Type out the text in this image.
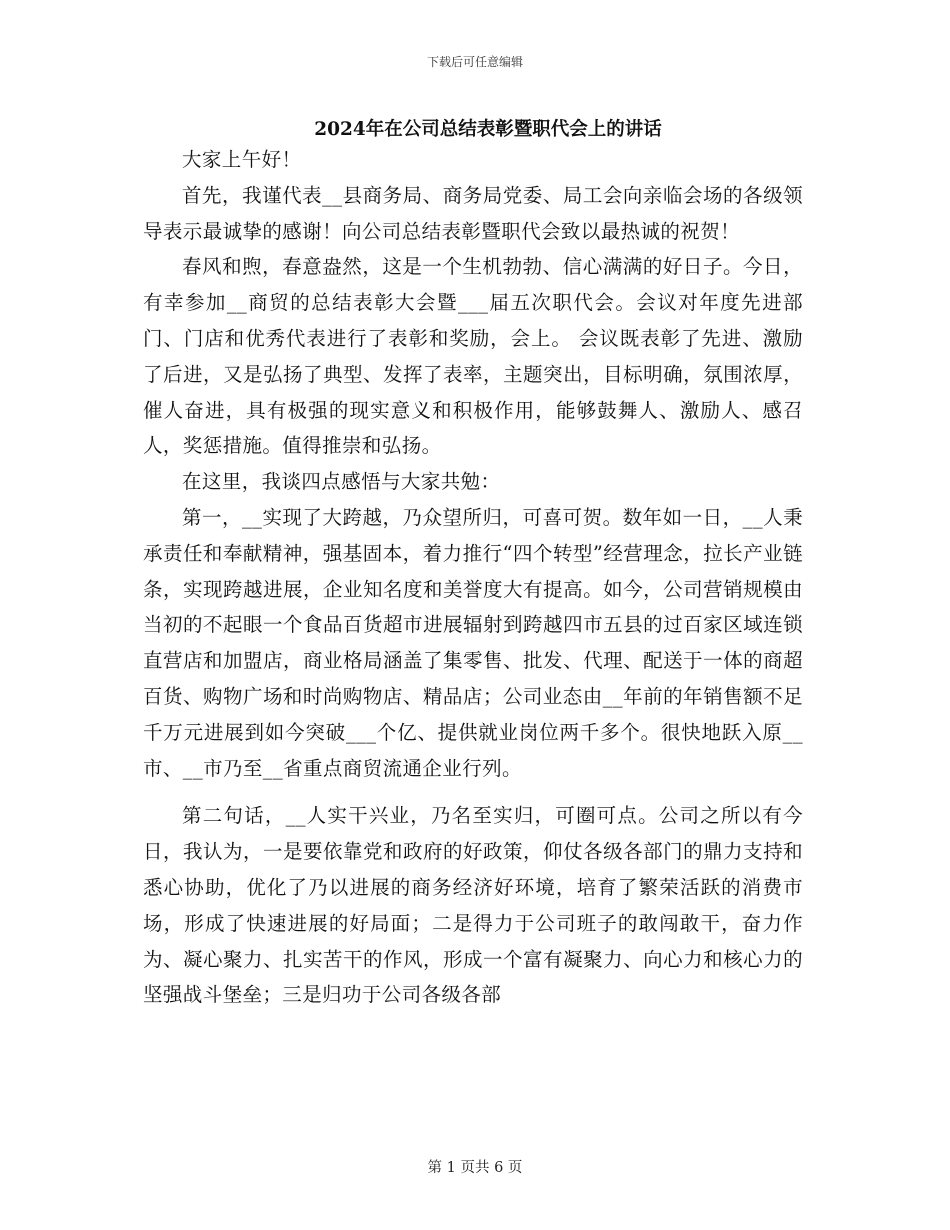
下载后可任意编辑
2024年在公司总结表彰暨职代会上的讲话

大家上午好！

首先，我谨代表__县商务局、商务局党委、局工会向亲临会场的各级领导表示最诚挚的感谢！向公司总结表彰暨职代会致以最热诚的祝贺！

春风和煦，春意盎然，这是一个生机勃勃、信心满满的好日子。今日，有幸参加__商贸的总结表彰大会暨___届五次职代会。会议对年度先进部门、门店和优秀代表进行了表彰和奖励，会上。 会议既表彰了先进、激励了后进，又是弘扬了典型、发挥了表率，主题突出，目标明确，氛围浓厚，催人奋进，具有极强的现实意义和积极作用，能够鼓舞人、激励人、感召人，奖惩措施。值得推崇和弘扬。

在这里，我谈四点感悟与大家共勉：

第一，__实现了大跨越，乃众望所归，可喜可贺。数年如一日，__人秉承责任和奉献精神，强基固本，着力推行“四个转型”经营理念，拉长产业链条，实现跨越进展，企业知名度和美誉度大有提高。如今，公司营销规模由当初的不起眼一个食品百货超市进展辐射到跨越四市五县的过百家区域连锁直营店和加盟店，商业格局涵盖了集零售、批发、代理、配送于一体的商超百货、购物广场和时尚购物店、精品店；公司业态由__年前的年销售额不足千万元进展到如今突破___个亿、提供就业岗位两千多个。很快地跃入原__市、__市乃至__省重点商贸流通企业行列。

第二句话，__人实干兴业，乃名至实归，可圈可点。公司之所以有今日，我认为，一是要依靠党和政府的好政策，仰仗各级各部门的鼎力支持和悉心协助，优化了乃以进展的商务经济好环境，培育了繁荣活跃的消费市场，形成了快速进展的好局面；二是得力于公司班子的敢闯敢干，奋力作为、凝心聚力、扎实苦干的作风，形成一个富有凝聚力、向心力和核心力的坚强战斗堡垒；三是归功于公司各级各部

第 1 页共 6 页
